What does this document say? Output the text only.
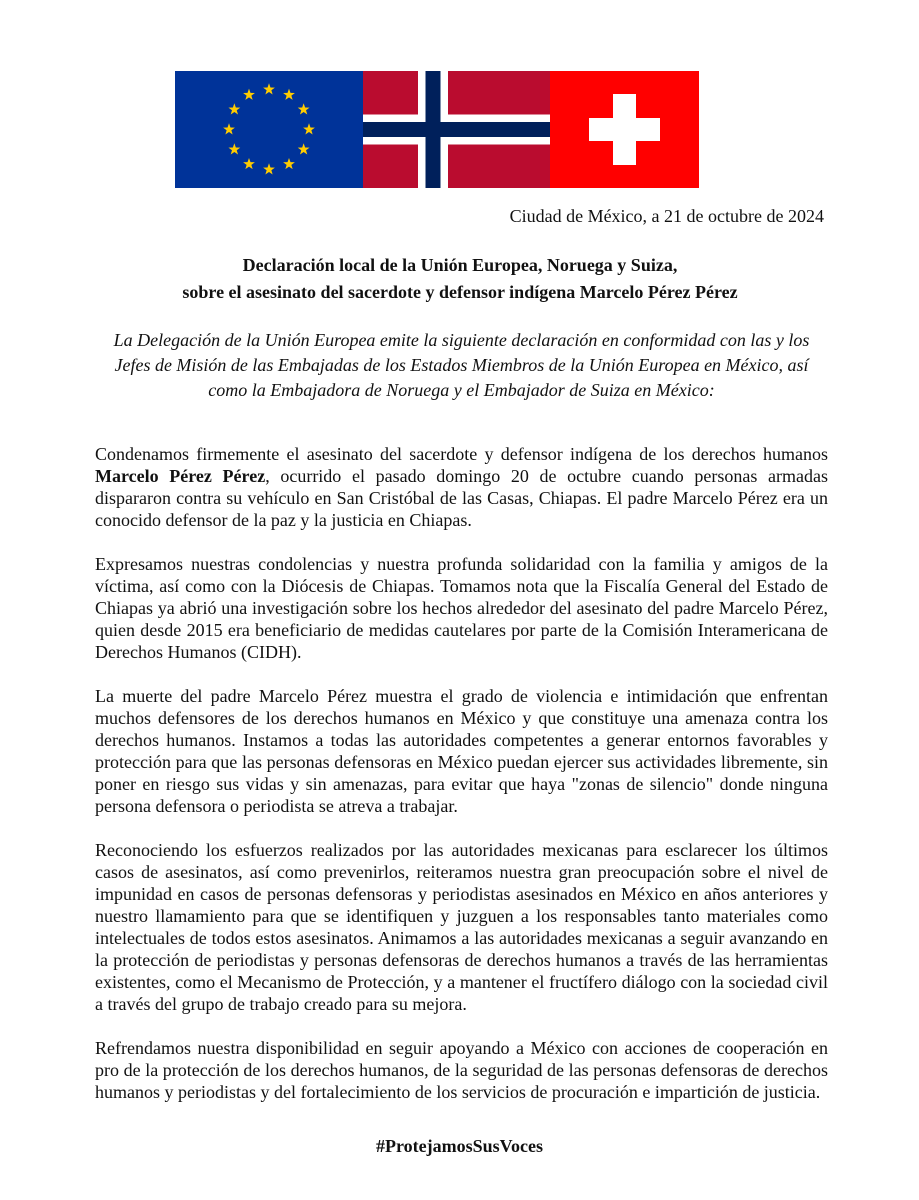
Ciudad de México, a 21 de octubre de 2024
Declaración local de la Unión Europea, Noruega y Suiza,
sobre el asesinato del sacerdote y defensor indígena Marcelo Pérez Pérez
La Delegación de la Unión Europea emite la siguiente declaración en conformidad con las y los Jefes de Misión de las Embajadas de los Estados Miembros de la Unión Europea en México, así como la Embajadora de Noruega y el Embajador de Suiza en México:

Condenamos firmemente el asesinato del sacerdote y defensor indígena de los derechos humanos Marcelo Pérez Pérez, ocurrido el pasado domingo 20 de octubre cuando personas armadas dispararon contra su vehículo en San Cristóbal de las Casas, Chiapas. El padre Marcelo Pérez era un conocido defensor de la paz y la justicia en Chiapas.

Expresamos nuestras condolencias y nuestra profunda solidaridad con la familia y amigos de la víctima, así como con la Diócesis de Chiapas. Tomamos nota que la Fiscalía General del Estado de Chiapas ya abrió una investigación sobre los hechos alrededor del asesinato del padre Marcelo Pérez, quien desde 2015 era beneficiario de medidas cautelares por parte de la Comisión Interamericana de Derechos Humanos (CIDH).

La muerte del padre Marcelo Pérez muestra el grado de violencia e intimidación que enfrentan muchos defensores de los derechos humanos en México y que constituye una amenaza contra los derechos humanos. Instamos a todas las autoridades competentes a generar entornos favorables y protección para que las personas defensoras en México puedan ejercer sus actividades libremente, sin poner en riesgo sus vidas y sin amenazas, para evitar que haya "zonas de silencio" donde ninguna persona defensora o periodista se atreva a trabajar.

Reconociendo los esfuerzos realizados por las autoridades mexicanas para esclarecer los últimos casos de asesinatos, así como prevenirlos, reiteramos nuestra gran preocupación sobre el nivel de impunidad en casos de personas defensoras y periodistas asesinados en México en años anteriores y nuestro llamamiento para que se identifiquen y juzguen a los responsables tanto materiales como intelectuales de todos estos asesinatos. Animamos a las autoridades mexicanas a seguir avanzando en la protección de periodistas y personas defensoras de derechos humanos a través de las herramientas existentes, como el Mecanismo de Protección, y a mantener el fructífero diálogo con la sociedad civil a través del grupo de trabajo creado para su mejora.

Refrendamos nuestra disponibilidad en seguir apoyando a México con acciones de cooperación en pro de la protección de los derechos humanos, de la seguridad de las personas defensoras de derechos humanos y periodistas y del fortalecimiento de los servicios de procuración e impartición de justicia.

#ProtejamosSusVoces
